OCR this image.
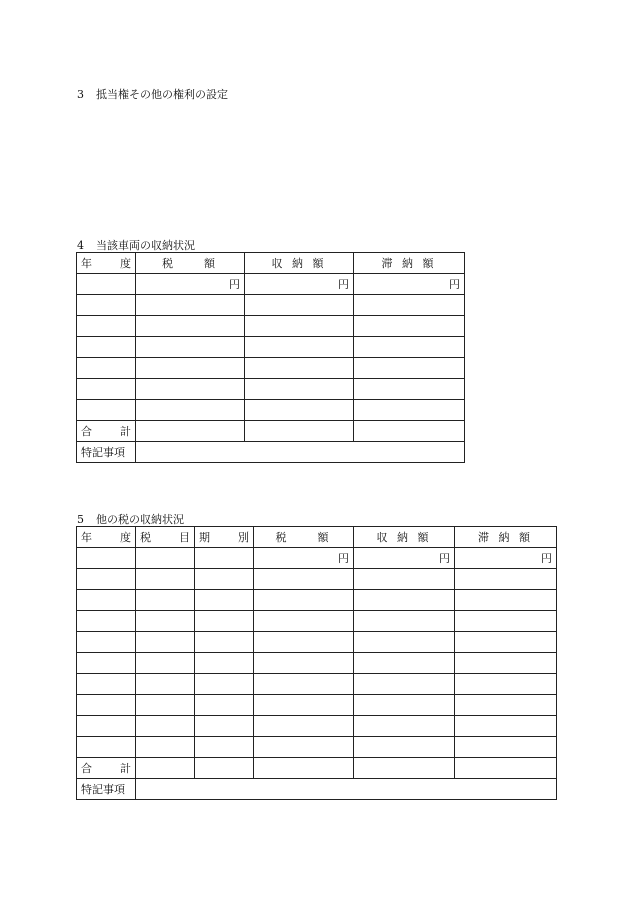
3 抵当権その他の権利の設定
4 当該車両の収納状況
年　　度	税　　額	収 納 額	滞 納 額
	円	円	円

合　　計			
特記事項			
5 他の税の収納状況
年　　度	税　　目	期　　別	税　　額	収 納 額	滞 納 額
			円	円	円

合　　計					
特記事項					
